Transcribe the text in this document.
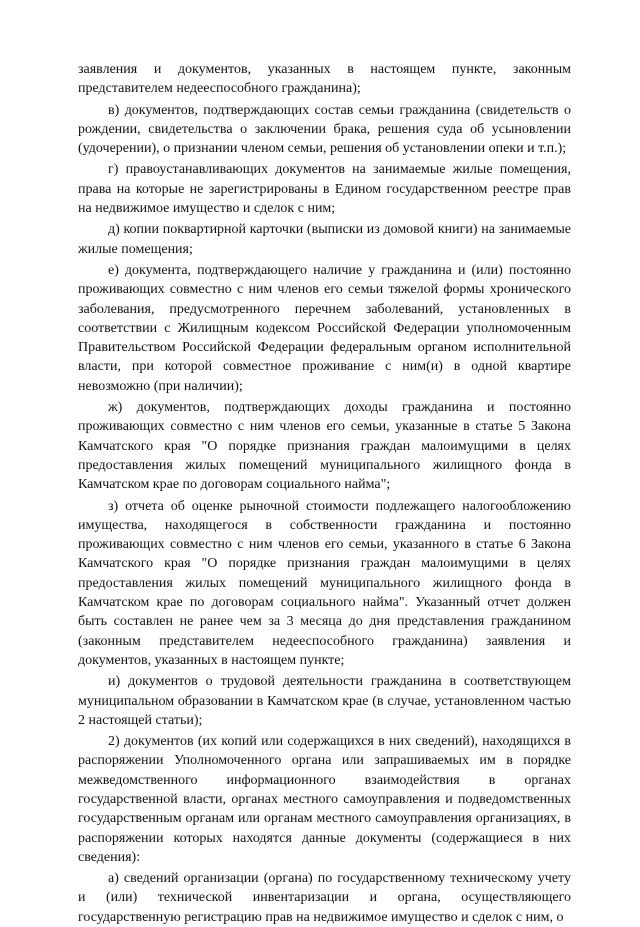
заявления и документов, указанных в настоящем пункте, законным представителем недееспособного гражданина);

в) документов, подтверждающих состав семьи гражданина (свидетельств о рождении, свидетельства о заключении брака, решения суда об усыновлении (удочерении), о признании членом семьи, решения об установлении опеки и т.п.);

г) правоустанавливающих документов на занимаемые жилые помещения, права на которые не зарегистрированы в Едином государственном реестре прав на недвижимое имущество и сделок с ним;

д) копии поквартирной карточки (выписки из домовой книги) на занимаемые жилые помещения;

е) документа, подтверждающего наличие у гражданина и (или) постоянно проживающих совместно с ним членов его семьи тяжелой формы хронического заболевания, предусмотренного перечнем заболеваний, установленных в соответствии с Жилищным кодексом Российской Федерации уполномоченным Правительством Российской Федерации федеральным органом исполнительной власти, при которой совместное проживание с ним(и) в одной квартире невозможно (при наличии);

ж) документов, подтверждающих доходы гражданина и постоянно проживающих совместно с ним членов его семьи, указанные в статье 5 Закона Камчатского края "О порядке признания граждан малоимущими в целях предоставления жилых помещений муниципального жилищного фонда в Камчатском крае по договорам социального найма";

з) отчета об оценке рыночной стоимости подлежащего налогообложению имущества, находящегося в собственности гражданина и постоянно проживающих совместно с ним членов его семьи, указанного в статье 6 Закона Камчатского края "О порядке признания граждан малоимущими в целях предоставления жилых помещений муниципального жилищного фонда в Камчатском крае по договорам социального найма". Указанный отчет должен быть составлен не ранее чем за 3 месяца до дня представления гражданином (законным представителем недееспособного гражданина) заявления и документов, указанных в настоящем пункте;

и) документов о трудовой деятельности гражданина в соответствующем муниципальном образовании в Камчатском крае (в случае, установленном частью 2 настоящей статьи);

2) документов (их копий или содержащихся в них сведений), находящихся в распоряжении Уполномоченного органа или запрашиваемых им в порядке межведомственного информационного взаимодействия в органах государственной власти, органах местного самоуправления и подведомственных государственным органам или органам местного самоуправления организациях, в распоряжении которых находятся данные документы (содержащиеся в них сведения):

а) сведений организации (органа) по государственному техническому учету и (или) технической инвентаризации и органа, осуществляющего государственную регистрацию прав на недвижимое имущество и сделок с ним, о
